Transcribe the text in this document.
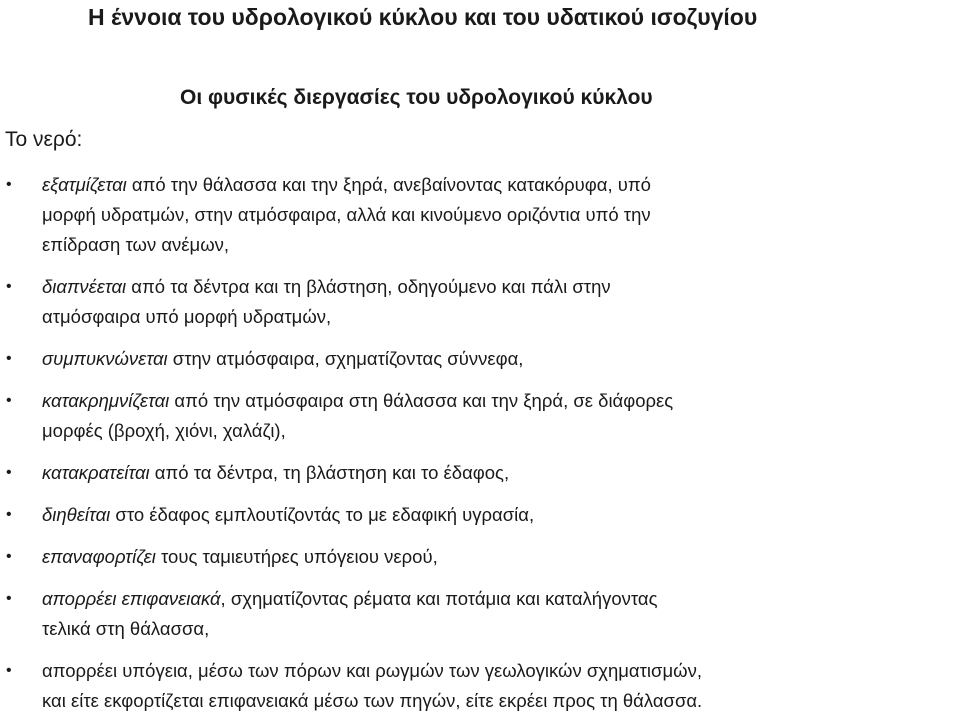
Η έννοια του υδρολογικού κύκλου και του υδατικού ισοζυγίου
Οι φυσικές διεργασίες του υδρολογικού κύκλου
Το νερό:
• εξατμίζεται από την θάλασσα και την ξηρά, ανεβαίνοντας κατακόρυφα, υπό
μορφή υδρατμών, στην ατμόσφαιρα, αλλά και κινούμενο οριζόντια υπό την
επίδραση των ανέμων,
• διαπνέεται από τα δέντρα και τη βλάστηση, οδηγούμενο και πάλι στην
ατμόσφαιρα υπό μορφή υδρατμών,
• συμπυκνώνεται στην ατμόσφαιρα, σχηματίζοντας σύννεφα,
• κατακρημνίζεται από την ατμόσφαιρα στη θάλασσα και την ξηρά, σε διάφορες
μορφές (βροχή, χιόνι, χαλάζι),
• κατακρατείται από τα δέντρα, τη βλάστηση και το έδαφος,
• διηθείται στο έδαφος εμπλουτίζοντάς το με εδαφική υγρασία,
• επαναφορτίζει τους ταμιευτήρες υπόγειου νερού,
• απορρέει επιφανειακά, σχηματίζοντας ρέματα και ποτάμια και καταλήγοντας
τελικά στη θάλασσα,
• απορρέει υπόγεια, μέσω των πόρων και ρωγμών των γεωλογικών σχηματισμών,
και είτε εκφορτίζεται επιφανειακά μέσω των πηγών, είτε εκρέει προς τη θάλασσα.
